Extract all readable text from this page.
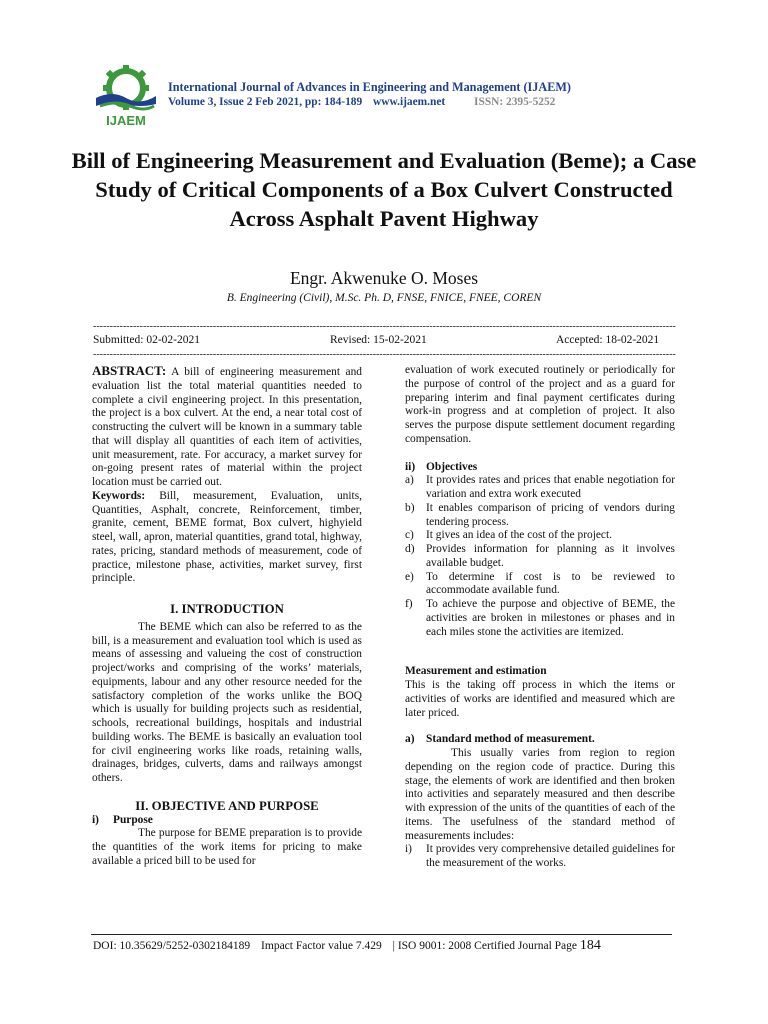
IJAEM
International Journal of Advances in Engineering and Management (IJAEM)
Volume 3, Issue 2 Feb 2021, pp: 184-189 www.ijaem.net	ISSN: 2395-5252
Bill of Engineering Measurement and Evaluation (Beme); a Case Study of Critical Components of a Box Culvert Constructed Across Asphalt Pavent Highway
Engr. Akwenuke O. Moses
B. Engineering (Civil), M.Sc. Ph. D, FNSE, FNICE, FNEE, COREN
-------------------------------------------------------------------------------------------------------------------------------------------------------------------------------
Submitted: 02-02-2021	Revised: 15-02-2021	Accepted: 18-02-2021
-------------------------------------------------------------------------------------------------------------------------------------------------------------------------------

ABSTRACT: A bill of engineering measurement and evaluation list the total material quantities needed to complete a civil engineering project. In this presentation, the project is a box culvert. At the end, a near total cost of constructing the culvert will be known in a summary table that will display all quantities of each item of activities, unit measurement, rate. For accuracy, a market survey for on-going present rates of material within the project location must be carried out.

Keywords: Bill, measurement, Evaluation, units, Quantities, Asphalt, concrete, Reinforcement, timber, granite, cement, BEME format, Box culvert, highyield steel, wall, apron, material quantities, grand total, highway, rates, pricing, standard methods of measurement, code of practice, milestone phase, activities, market survey, first principle.

I. INTRODUCTION

The BEME which can also be referred to as the bill, is a measurement and evaluation tool which is used as means of assessing and valueing the cost of construction project/works and comprising of the works’ materials, equipments, labour and any other resource needed for the satisfactory completion of the works unlike the BOQ which is usually for building projects such as residential, schools, recreational buildings, hospitals and industrial building works. The BEME is basically an evaluation tool for civil engineering works like roads, retaining walls, drainages, bridges, culverts, dams and railways amongst others.

II. OBJECTIVE AND PURPOSE
i)	Purpose

The purpose for BEME preparation is to provide the quantities of the work items for pricing to make available a priced bill to be used for

evaluation of work executed routinely or periodically for the purpose of control of the project and as a guard for preparing interim and final payment certificates during work-in progress and at completion of project. It also serves the purpose dispute settlement document regarding compensation.

ii) Objectives
a)	It provides rates and prices that enable negotiation for variation and extra work executed
b)	It enables comparison of pricing of vendors during tendering process.
c)	It gives an idea of the cost of the project.
d)	Provides information for planning as it involves available budget.
e)	To determine if cost is to be reviewed to accommodate available fund.
f)	To achieve the purpose and objective of BEME, the activities are broken in milestones or phases and in each miles stone the activities are itemized.
Measurement and estimation

This is the taking off process in which the items or activities of works are identified and measured which are later priced.

a)	Standard method of measurement.

This usually varies from region to region depending on the region code of practice. During this stage, the elements of work are identified and then broken into activities and separately measured and then describe with expression of the units of the quantities of each of the items. The usefulness of the standard method of measurements includes:

i)	It provides very comprehensive detailed guidelines for the measurement of the works.
DOI: 10.35629/5252-0302184189 Impact Factor value 7.429 | ISO 9001: 2008 Certified Journal Page 184
